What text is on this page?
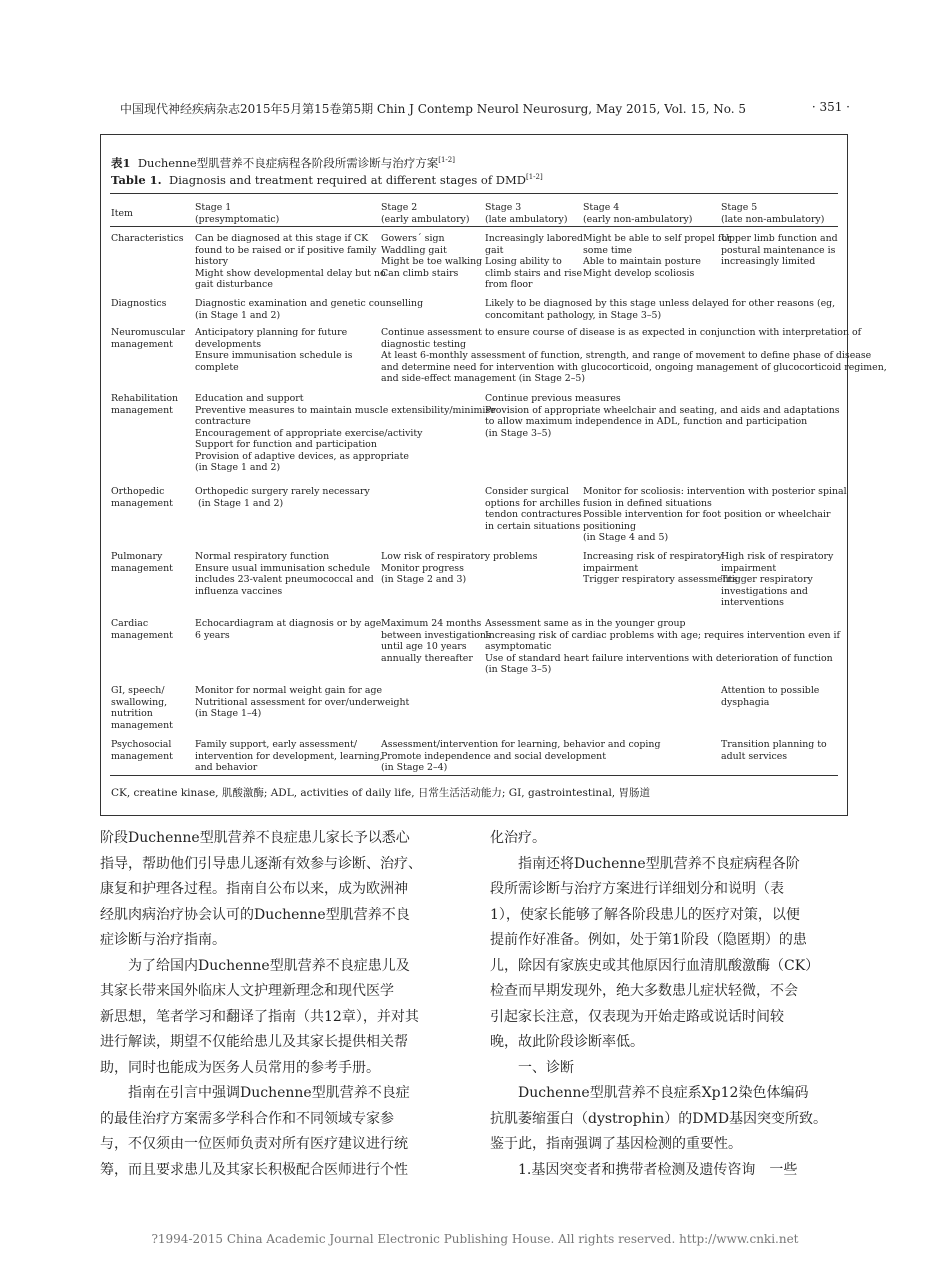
中国现代神经疾病杂志2015年5月第15卷第5期 Chin J Contemp Neurol Neurosurg, May 2015, Vol. 15, No. 5	· 351 ·
表1 Duchenne型肌营养不良症病程各阶段所需诊断与治疗方案[1-2]
Table 1. Diagnosis and treatment required at different stages of DMD[1-2]
Item
Stage 1
(presymptomatic)
Stage 2
(early ambulatory)
Stage 3
(late ambulatory)
Stage 4
(early non-ambulatory)
Stage 5
(late non-ambulatory)
Characteristics Can be diagnosed at this stage if CK
found to be raised or if positive family
history
Might show developmental delay but no
gait disturbance
Gowers´ sign
Waddling gait
Might be toe walking
Can climb stairs
Increasingly labored
gait
Losing ability to
climb stairs and rise
from floor
Might be able to self propel for
some time
Able to maintain posture
Might develop scoliosis
Upper limb function and
postural maintenance is
increasingly limited
Diagnostics	Diagnostic examination and genetic counselling
(in Stage 1 and 2)
Likely to be diagnosed by this stage unless delayed for other reasons (eg,
concomitant pathology, in Stage 3–5)
Neuromuscular
management
Anticipatory planning for future
developments
Ensure immunisation schedule is
complete
Continue assessment to ensure course of disease is as expected in conjunction with interpretation of
diagnostic testing
At least 6-monthly assessment of function, strength, and range of movement to define phase of disease
and determine need for intervention with glucocorticoid, ongoing management of glucocorticoid regimen,
and side-effect management (in Stage 2–5)
Rehabilitation
management
Education and support
Preventive measures to maintain muscle extensibility/minimise
contracture
Encouragement of appropriate exercise/activity
Support for function and participation
Provision of adaptive devices, as appropriate
(in Stage 1 and 2)
Continue previous measures
Provision of appropriate wheelchair and seating, and aids and adaptations
to allow maximum independence in ADL, function and participation
(in Stage 3–5)
Orthopedic
management
Orthopedic surgery rarely necessary
(in Stage 1 and 2)
Consider surgical
options for archilles
tendon contractures
in certain situations
Monitor for scoliosis: intervention with posterior spinal
fusion in defined situations
Possible intervention for foot position or wheelchair
positioning
(in Stage 4 and 5)
Pulmonary
management
Normal respiratory function
Ensure usual immunisation schedule
includes 23-valent pneumococcal and
influenza vaccines
Low risk of respiratory problems
Monitor progress
(in Stage 2 and 3)
Increasing risk of respiratory
impairment
Trigger respiratory assessments
High risk of respiratory
impairment
Trigger respiratory
investigations and
interventions
Cardiac
management
Echocardiagram at diagnosis or by age
6 years
Maximum 24 months
between investigations
until age 10 years
annually thereafter
Assessment same as in the younger group
Increasing risk of cardiac problems with age; requires intervention even if
asymptomatic
Use of standard heart failure interventions with deterioration of function
(in Stage 3–5)
GI, speech/
swallowing,
nutrition
management
Monitor for normal weight gain for age
Nutritional assessment for over/underweight
(in Stage 1–4)
Attention to possible
dysphagia
Psychosocial
management
Family support, early assessment/
intervention for development, learning,
and behavior
Assessment/intervention for learning, behavior and coping
Promote independence and social development
(in Stage 2–4)
Transition planning to
adult services
CK, creatine kinase, 肌酸激酶; ADL, activities of daily life, 日常生活活动能力; GI, gastrointestinal, 胃肠道

阶段Duchenne型肌营养不良症患儿家长予以悉心

指导，帮助他们引导患儿逐渐有效参与诊断、治疗、

康复和护理各过程。指南自公布以来，成为欧洲神

经肌肉病治疗协会认可的Duchenne型肌营养不良

症诊断与治疗指南。

为了给国内Duchenne型肌营养不良症患儿及

其家长带来国外临床人文护理新理念和现代医学

新思想，笔者学习和翻译了指南（共12章），并对其

进行解读，期望不仅能给患儿及其家长提供相关帮

助，同时也能成为医务人员常用的参考手册。

指南在引言中强调Duchenne型肌营养不良症

的最佳治疗方案需多学科合作和不同领域专家参

与，不仅须由一位医师负责对所有医疗建议进行统

筹，而且要求患儿及其家长积极配合医师进行个性

化治疗。

指南还将Duchenne型肌营养不良症病程各阶

段所需诊断与治疗方案进行详细划分和说明（表

1），使家长能够了解各阶段患儿的医疗对策，以便

提前作好准备。例如，处于第1阶段（隐匿期）的患

儿，除因有家族史或其他原因行血清肌酸激酶（CK）

检查而早期发现外，绝大多数患儿症状轻微，不会

引起家长注意，仅表现为开始走路或说话时间较

晚，故此阶段诊断率低。

一、诊断

Duchenne型肌营养不良症系Xp12染色体编码

抗肌萎缩蛋白（dystrophin）的DMD基因突变所致。

鉴于此，指南强调了基因检测的重要性。

1.基因突变者和携带者检测及遗传咨询　一些

?1994-2015 China Academic Journal Electronic Publishing House. All rights reserved. http://www.cnki.net
